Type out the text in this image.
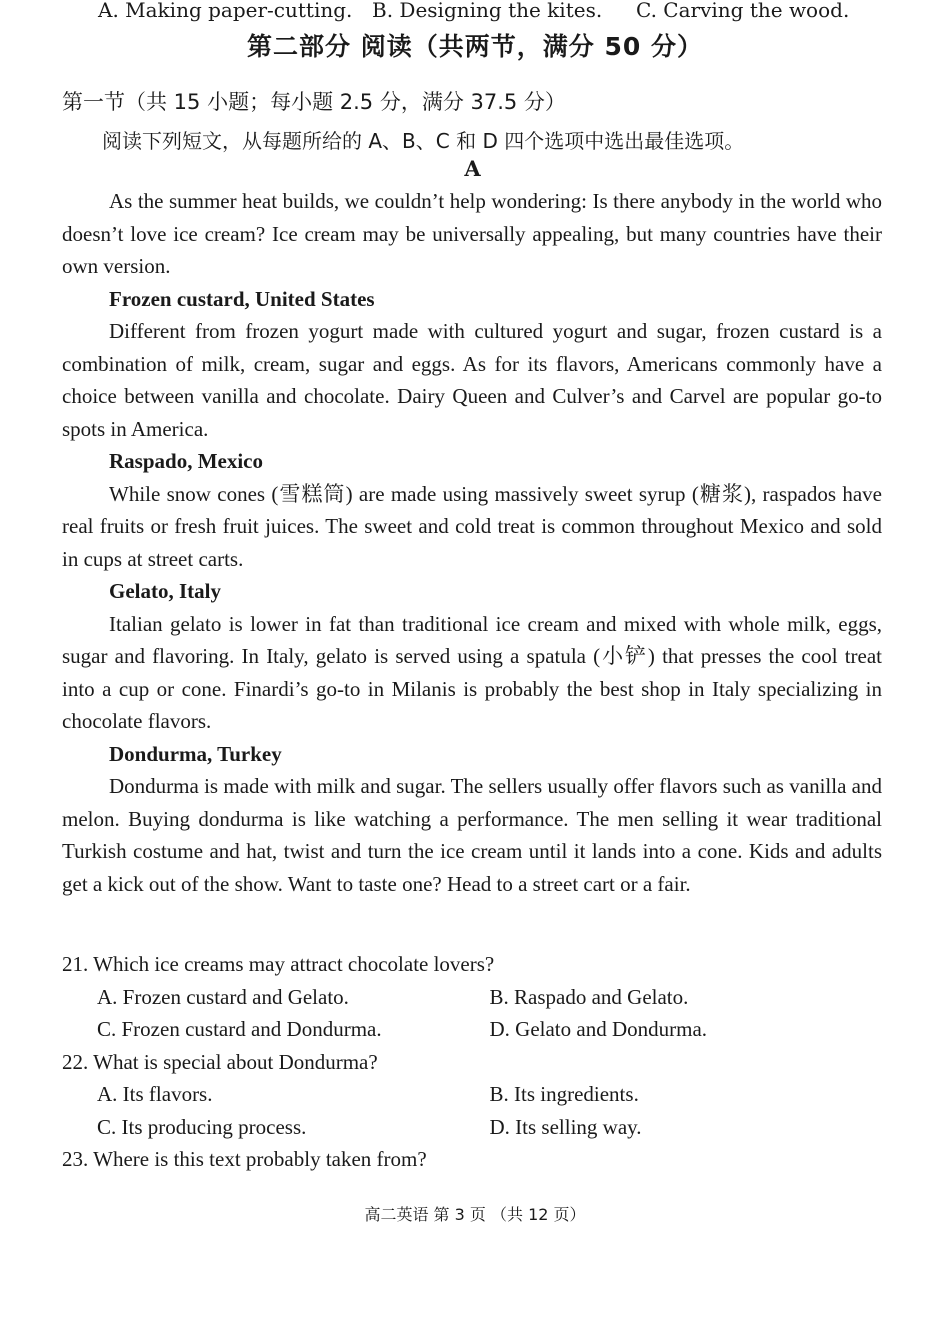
A. Making paper-cutting. B. Designing the kites. C. Carving the wood.
第二部分 阅读（共两节，满分 50 分）
第一节（共 15 小题；每小题 2.5 分，满分 37.5 分）
阅读下列短文，从每题所给的 A、B、C 和 D 四个选项中选出最佳选项。
A

As the summer heat builds, we couldn’t help wondering: Is there anybody in the world who doesn’t love ice cream? Ice cream may be universally appealing, but many countries have their own version.

Frozen custard, United States

Different from frozen yogurt made with cultured yogurt and sugar, frozen custard is a combination of milk, cream, sugar and eggs. As for its flavors, Americans commonly have a choice between vanilla and chocolate. Dairy Queen and Culver’s and Carvel are popular go-to spots in America.

Raspado, Mexico

While snow cones (雪糕筒) are made using massively sweet syrup (糖浆), raspados have real fruits or fresh fruit juices. The sweet and cold treat is common throughout Mexico and sold in cups at street carts.

Gelato, Italy

Italian gelato is lower in fat than traditional ice cream and mixed with whole milk, eggs, sugar and flavoring. In Italy, gelato is served using a spatula (小铲) that presses the cool treat into a cup or cone. Finardi’s go-to in Milanis is probably the best shop in Italy specializing in chocolate flavors.

Dondurma, Turkey

Dondurma is made with milk and sugar. The sellers usually offer flavors such as vanilla and melon. Buying dondurma is like watching a performance. The men selling it wear traditional Turkish costume and hat, twist and turn the ice cream until it lands into a cone. Kids and adults get a kick out of the show. Want to taste one? Head to a street cart or a fair.

21. Which ice creams may attract chocolate lovers?
A. Frozen custard and Gelato.	B. Raspado and Gelato.
C. Frozen custard and Dondurma.	D. Gelato and Dondurma.
22. What is special about Dondurma?
A. Its flavors.	B. Its ingredients.
C. Its producing process.	D. Its selling way.
23. Where is this text probably taken from?
高二英语 第 3 页 （共 12 页）
